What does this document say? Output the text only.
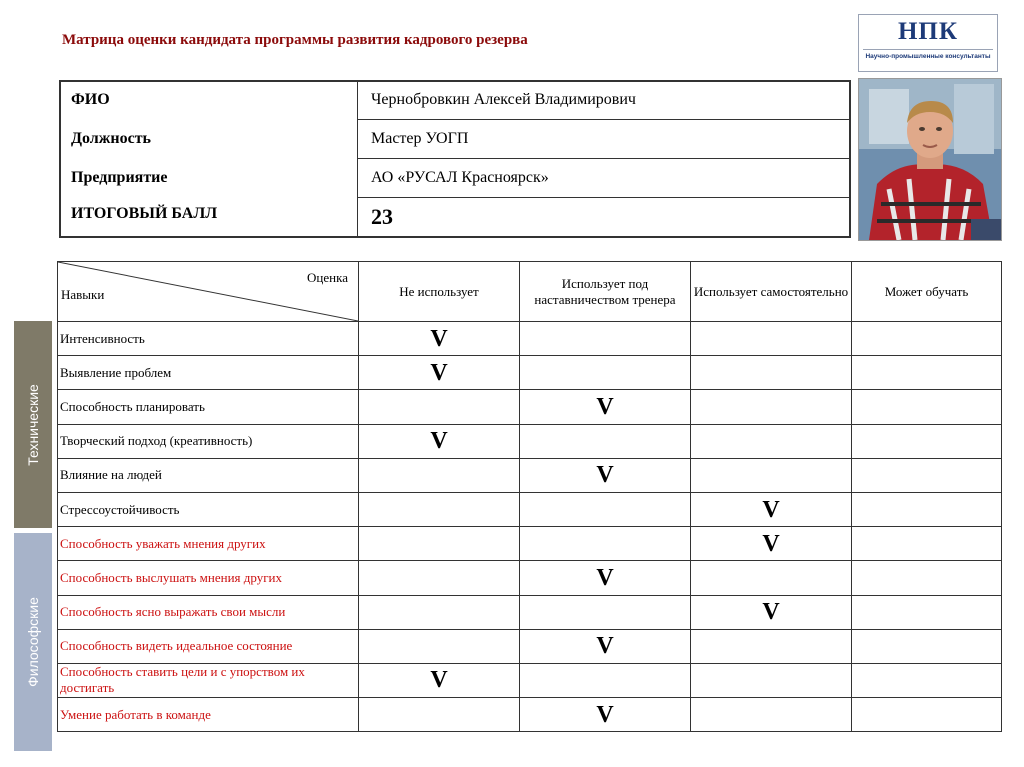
Матрица оценки кандидата программы развития кадрового резерва	НПК
Научно-промышленные консультанты
ФИО	Чернобровкин Алексей Владимирович
Должность	Мастер УОГП
Предприятие	АО «РУСАЛ Красноярск»
ИТОГОВЫЙ БАЛЛ	23
Технические
Философские
Оценка
Навыки	Не использует	Использует под наставничеством тренера	Использует самостоятельно	Может обучать
Интенсивность	V			
Выявление проблем	V			
Способность планировать		V		
Творческий подход (креативность)	V			
Влияние на людей		V		
Стрессоустойчивость			V	
Способность уважать мнения других			V	
Способность выслушать мнения других		V		
Способность ясно выражать свои мысли			V	
Способность видеть идеальное состояние		V		
Способность ставить цели и с упорством их достигать	V			
Умение работать в команде		V		
